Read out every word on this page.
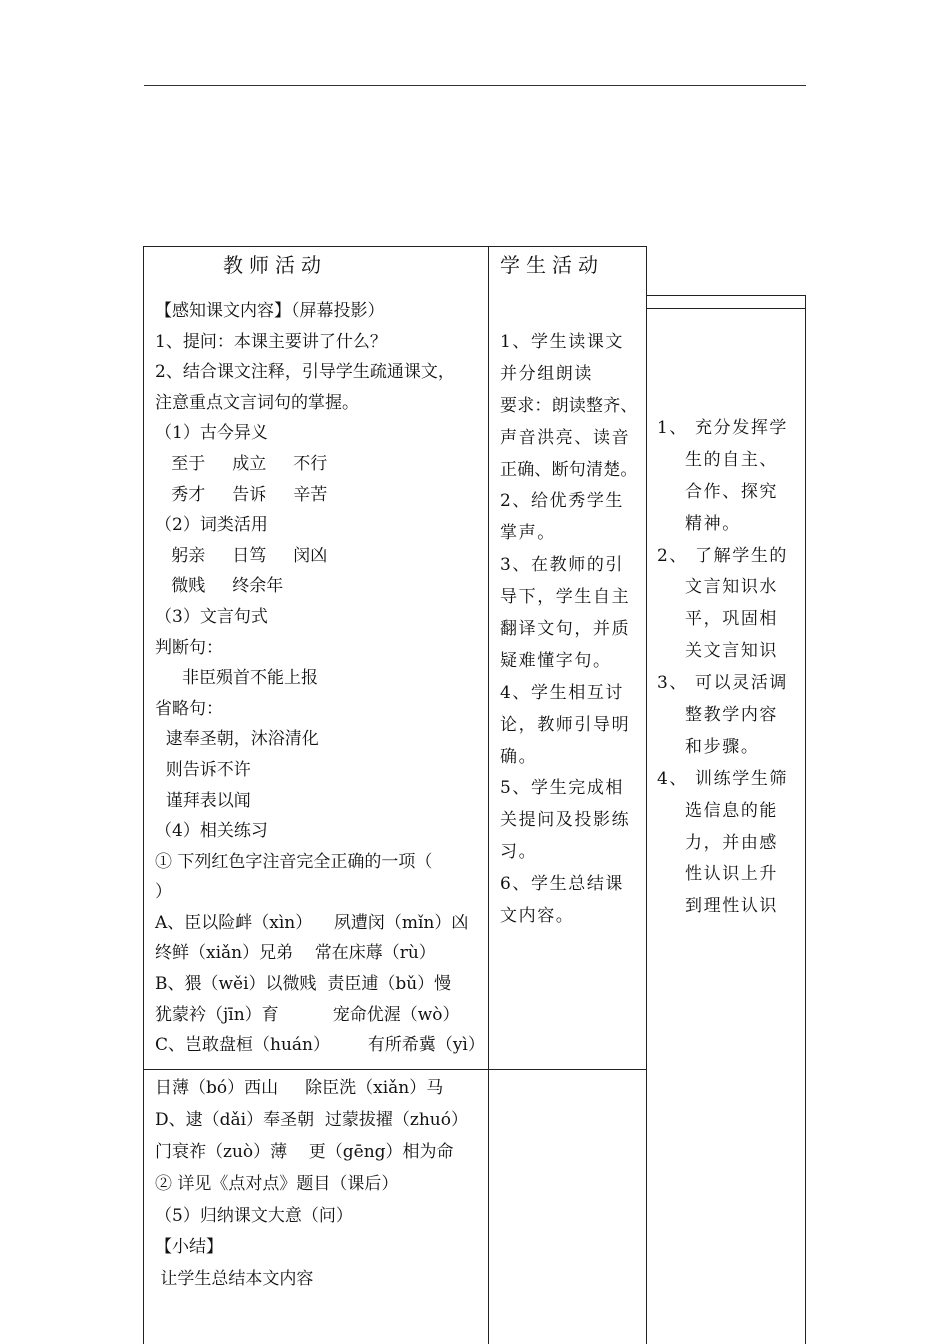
教师活动	学生活动
【感知课文内容】（屏幕投影）
1、提问：本课主要讲了什么？
2、结合课文注释，引导学生疏通课文，
注意重点文言词句的掌握。
（1）古今异义
至于     成立     不行
秀才     告诉     辛苦
（2）词类活用
躬亲     日笃     闵凶
微贱     终余年
（3）文言句式
判断句：
非臣殒首不能上报
省略句：
逮奉圣朝，沐浴清化
则告诉不许
谨拜表以闻
（4）相关练习
① 下列红色字注音完全正确的一项（
）
A、臣以险衅（xìn）    夙遭闵（mǐn）凶
终鲜（xiǎn）兄弟    常在床蓐（rù）
B、猥（wěi）以微贱  责臣逋（bǔ）慢
犹蒙衿（jīn）育          宠命优渥（wò）
C、岂敢盘桓（huán）       有所希冀（yì）
日薄（bó）西山     除臣洗（xiǎn）马
D、逮（dǎi）奉圣朝  过蒙拔擢（zhuó）
门衰祚（zuò）薄    更（gēng）相为命
② 详见《点对点》题目（课后）
（5）归纳课文大意（问）
【小结】
让学生总结本文内容
1、学生读课文
并分组朗读
要求：朗读整齐、
声音洪亮、读音
正确、断句清楚。
2、给优秀学生
掌声。
3、在教师的引
导下，学生自主
翻译文句，并质
疑难懂字句。
4、学生相互讨
论，教师引导明
确。
5、学生完成相
关提问及投影练
习。
6、学生总结课
文内容。
1、 充分发挥学
生的自主、
合作、探究
精神。
2、 了解学生的
文言知识水
平，巩固相
关文言知识
3、 可以灵活调
整教学内容
和步骤。
4、 训练学生筛
选信息的能
力，并由感
性认识上升
到理性认识
